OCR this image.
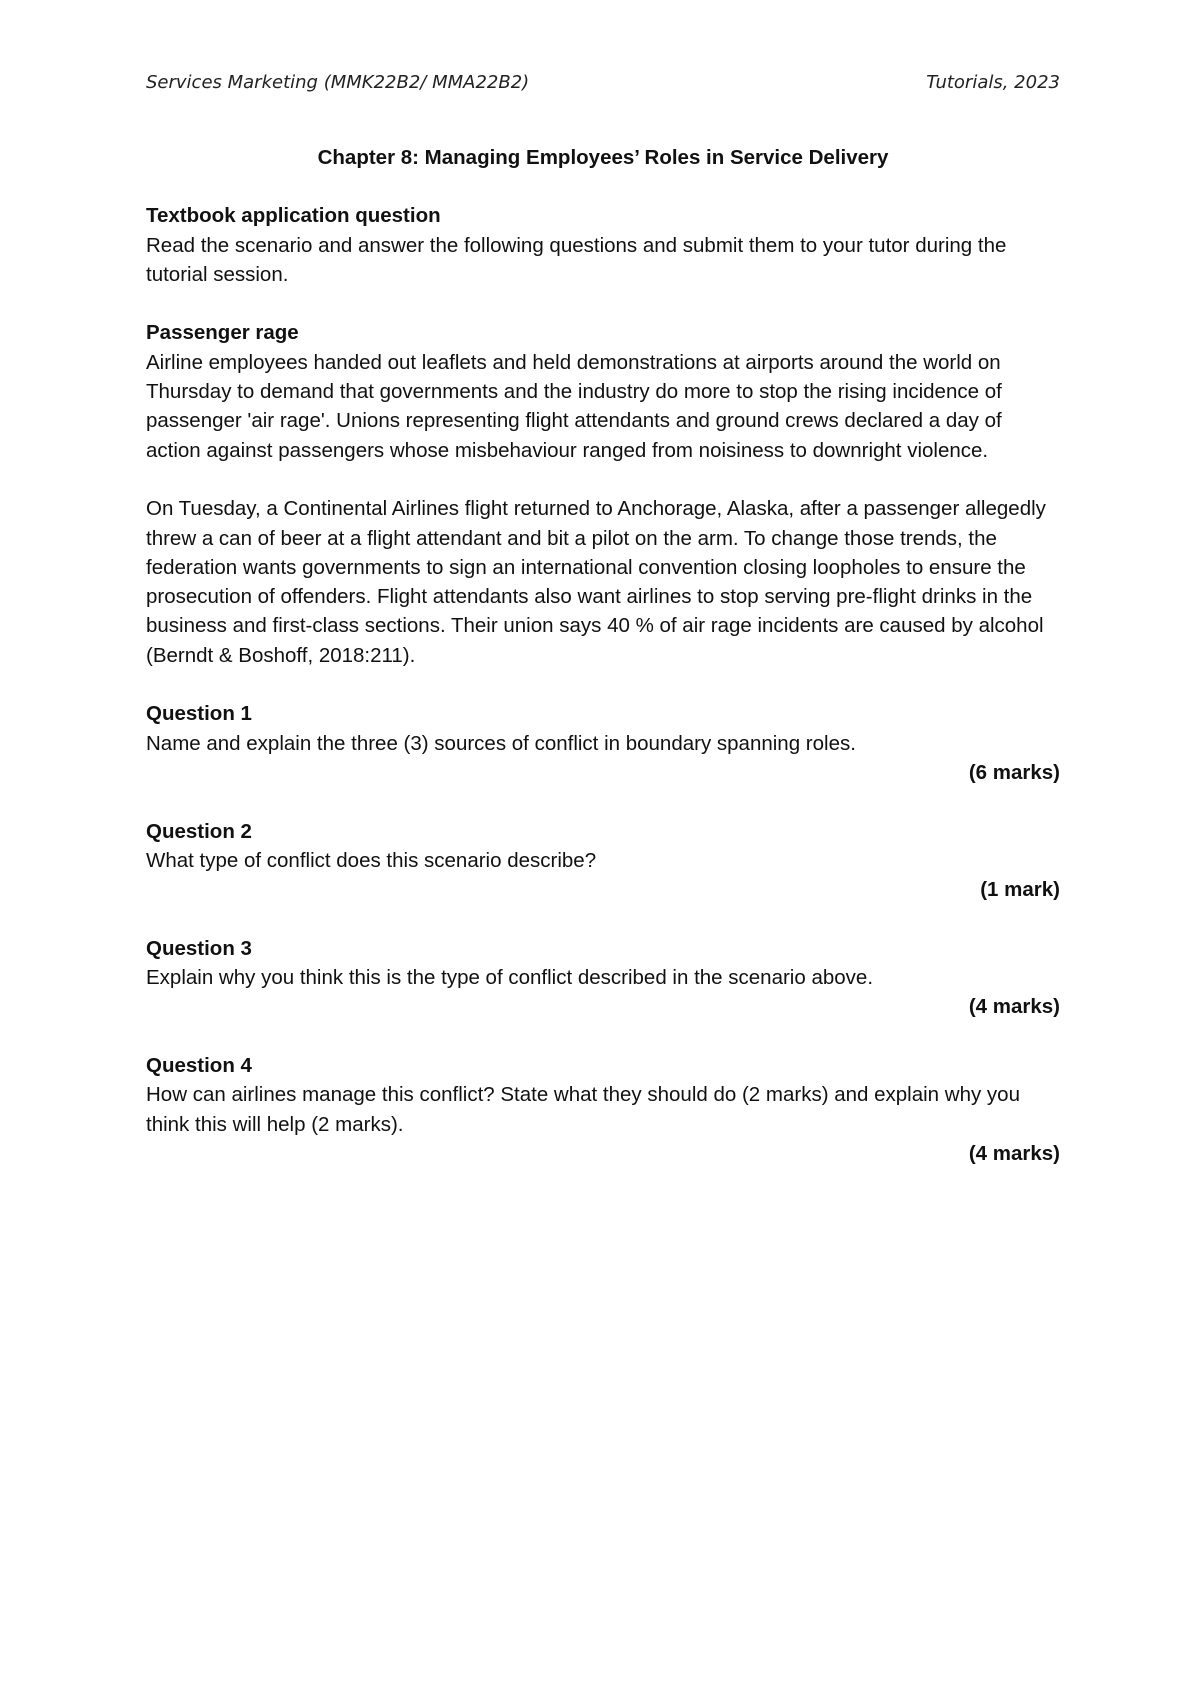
Services Marketing (MMK22B2/ MMA22B2)	Tutorials, 2023

Chapter 8: Managing Employees’ Roles in Service Delivery

Textbook application question

Read the scenario and answer the following questions and submit them to your tutor during the tutorial session.

Passenger rage

Airline employees handed out leaflets and held demonstrations at airports around the world on Thursday to demand that governments and the industry do more to stop the rising incidence of passenger 'air rage'. Unions representing flight attendants and ground crews declared a day of action against passengers whose misbehaviour ranged from noisiness to downright violence.

On Tuesday, a Continental Airlines flight returned to Anchorage, Alaska, after a passenger allegedly threw a can of beer at a flight attendant and bit a pilot on the arm. To change those trends, the federation wants governments to sign an international convention closing loopholes to ensure the prosecution of offenders. Flight attendants also want airlines to stop serving pre-flight drinks in the business and first-class sections. Their union says 40 % of air rage incidents are caused by alcohol (Berndt & Boshoff, 2018:211).

Question 1

Name and explain the three (3) sources of conflict in boundary spanning roles.

(6 marks)

Question 2

What type of conflict does this scenario describe?

(1 mark)

Question 3

Explain why you think this is the type of conflict described in the scenario above.

(4 marks)

Question 4

How can airlines manage this conflict? State what they should do (2 marks) and explain why you think this will help (2 marks).

(4 marks)
